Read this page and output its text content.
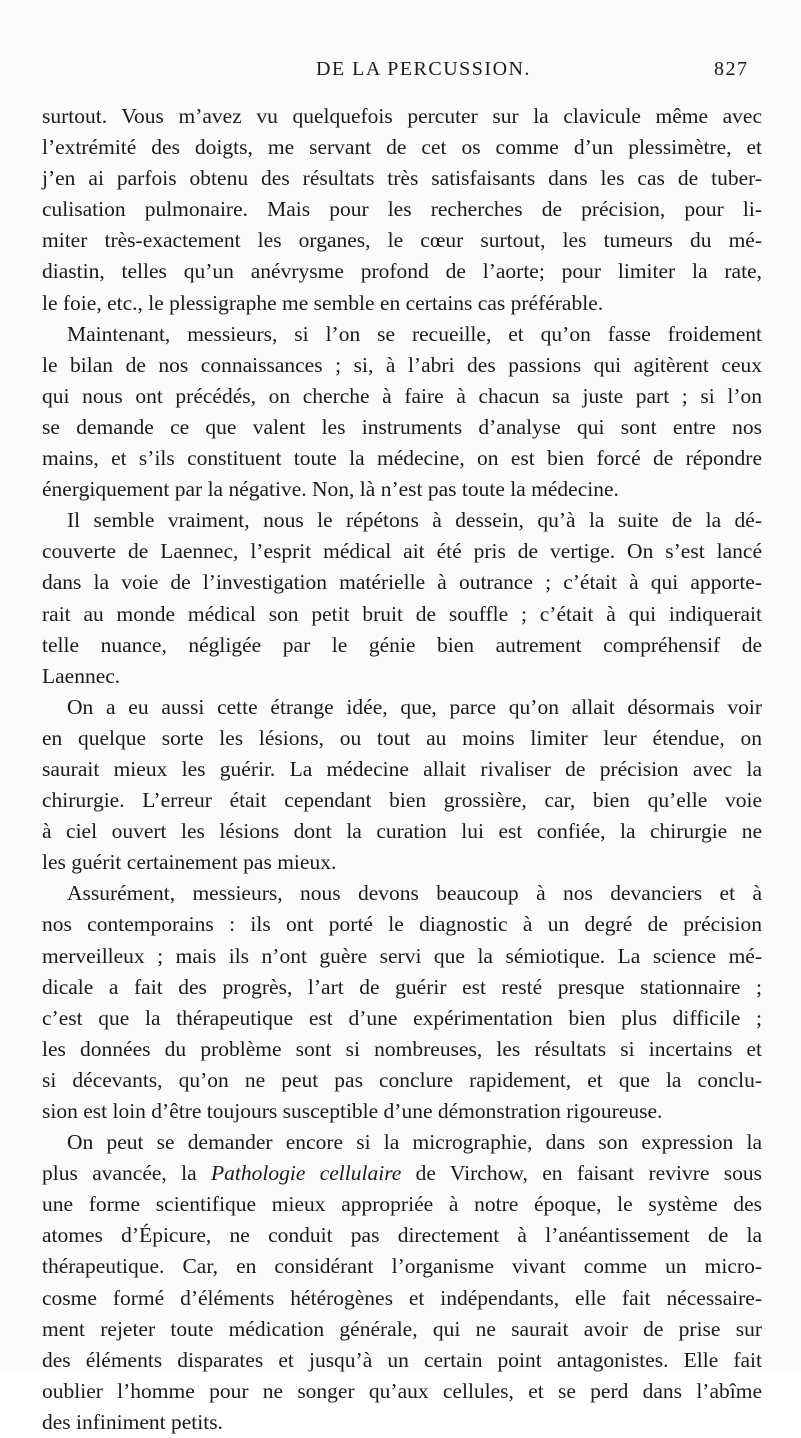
DE LA PERCUSSION.	827
surtout. Vous m’avez vu quelquefois percuter sur la clavicule même avec
l’extrémité des doigts, me servant de cet os comme d’un plessimètre, et
j’en ai parfois obtenu des résultats très satisfaisants dans les cas de tuber-
culisation pulmonaire. Mais pour les recherches de précision, pour li-
miter très-exactement les organes, le cœur surtout, les tumeurs du mé-
diastin, telles qu’un anévrysme profond de l’aorte; pour limiter la rate,
le foie, etc., le plessigraphe me semble en certains cas préférable.
Maintenant, messieurs, si l’on se recueille, et qu’on fasse froidement
le bilan de nos connaissances ; si, à l’abri des passions qui agitèrent ceux
qui nous ont précédés, on cherche à faire à chacun sa juste part ; si l’on
se demande ce que valent les instruments d’analyse qui sont entre nos
mains, et s’ils constituent toute la médecine, on est bien forcé de répondre
énergiquement par la négative. Non, là n’est pas toute la médecine.
Il semble vraiment, nous le répétons à dessein, qu’à la suite de la dé-
couverte de Laennec, l’esprit médical ait été pris de vertige. On s’est lancé
dans la voie de l’investigation matérielle à outrance ; c’était à qui apporte-
rait au monde médical son petit bruit de souffle ; c’était à qui indiquerait
telle nuance, négligée par le génie bien autrement compréhensif de
Laennec.
On a eu aussi cette étrange idée, que, parce qu’on allait désormais voir
en quelque sorte les lésions, ou tout au moins limiter leur étendue, on
saurait mieux les guérir. La médecine allait rivaliser de précision avec la
chirurgie. L’erreur était cependant bien grossière, car, bien qu’elle voie
à ciel ouvert les lésions dont la curation lui est confiée, la chirurgie ne
les guérit certainement pas mieux.
Assurément, messieurs, nous devons beaucoup à nos devanciers et à
nos contemporains : ils ont porté le diagnostic à un degré de précision
merveilleux ; mais ils n’ont guère servi que la sémiotique. La science mé-
dicale a fait des progrès, l’art de guérir est resté presque stationnaire ;
c’est que la thérapeutique est d’une expérimentation bien plus difficile ;
les données du problème sont si nombreuses, les résultats si incertains et
si décevants, qu’on ne peut pas conclure rapidement, et que la conclu-
sion est loin d’être toujours susceptible d’une démonstration rigoureuse.
On peut se demander encore si la micrographie, dans son expression la
plus avancée, la Pathologie cellulaire de Virchow, en faisant revivre sous
une forme scientifique mieux appropriée à notre époque, le système des
atomes d’Épicure, ne conduit pas directement à l’anéantissement de la
thérapeutique. Car, en considérant l’organisme vivant comme un micro-
cosme formé d’éléments hétérogènes et indépendants, elle fait nécessaire-
ment rejeter toute médication générale, qui ne saurait avoir de prise sur
des éléments disparates et jusqu’à un certain point antagonistes. Elle fait
oublier l’homme pour ne songer qu’aux cellules, et se perd dans l’abîme
des infiniment petits.
